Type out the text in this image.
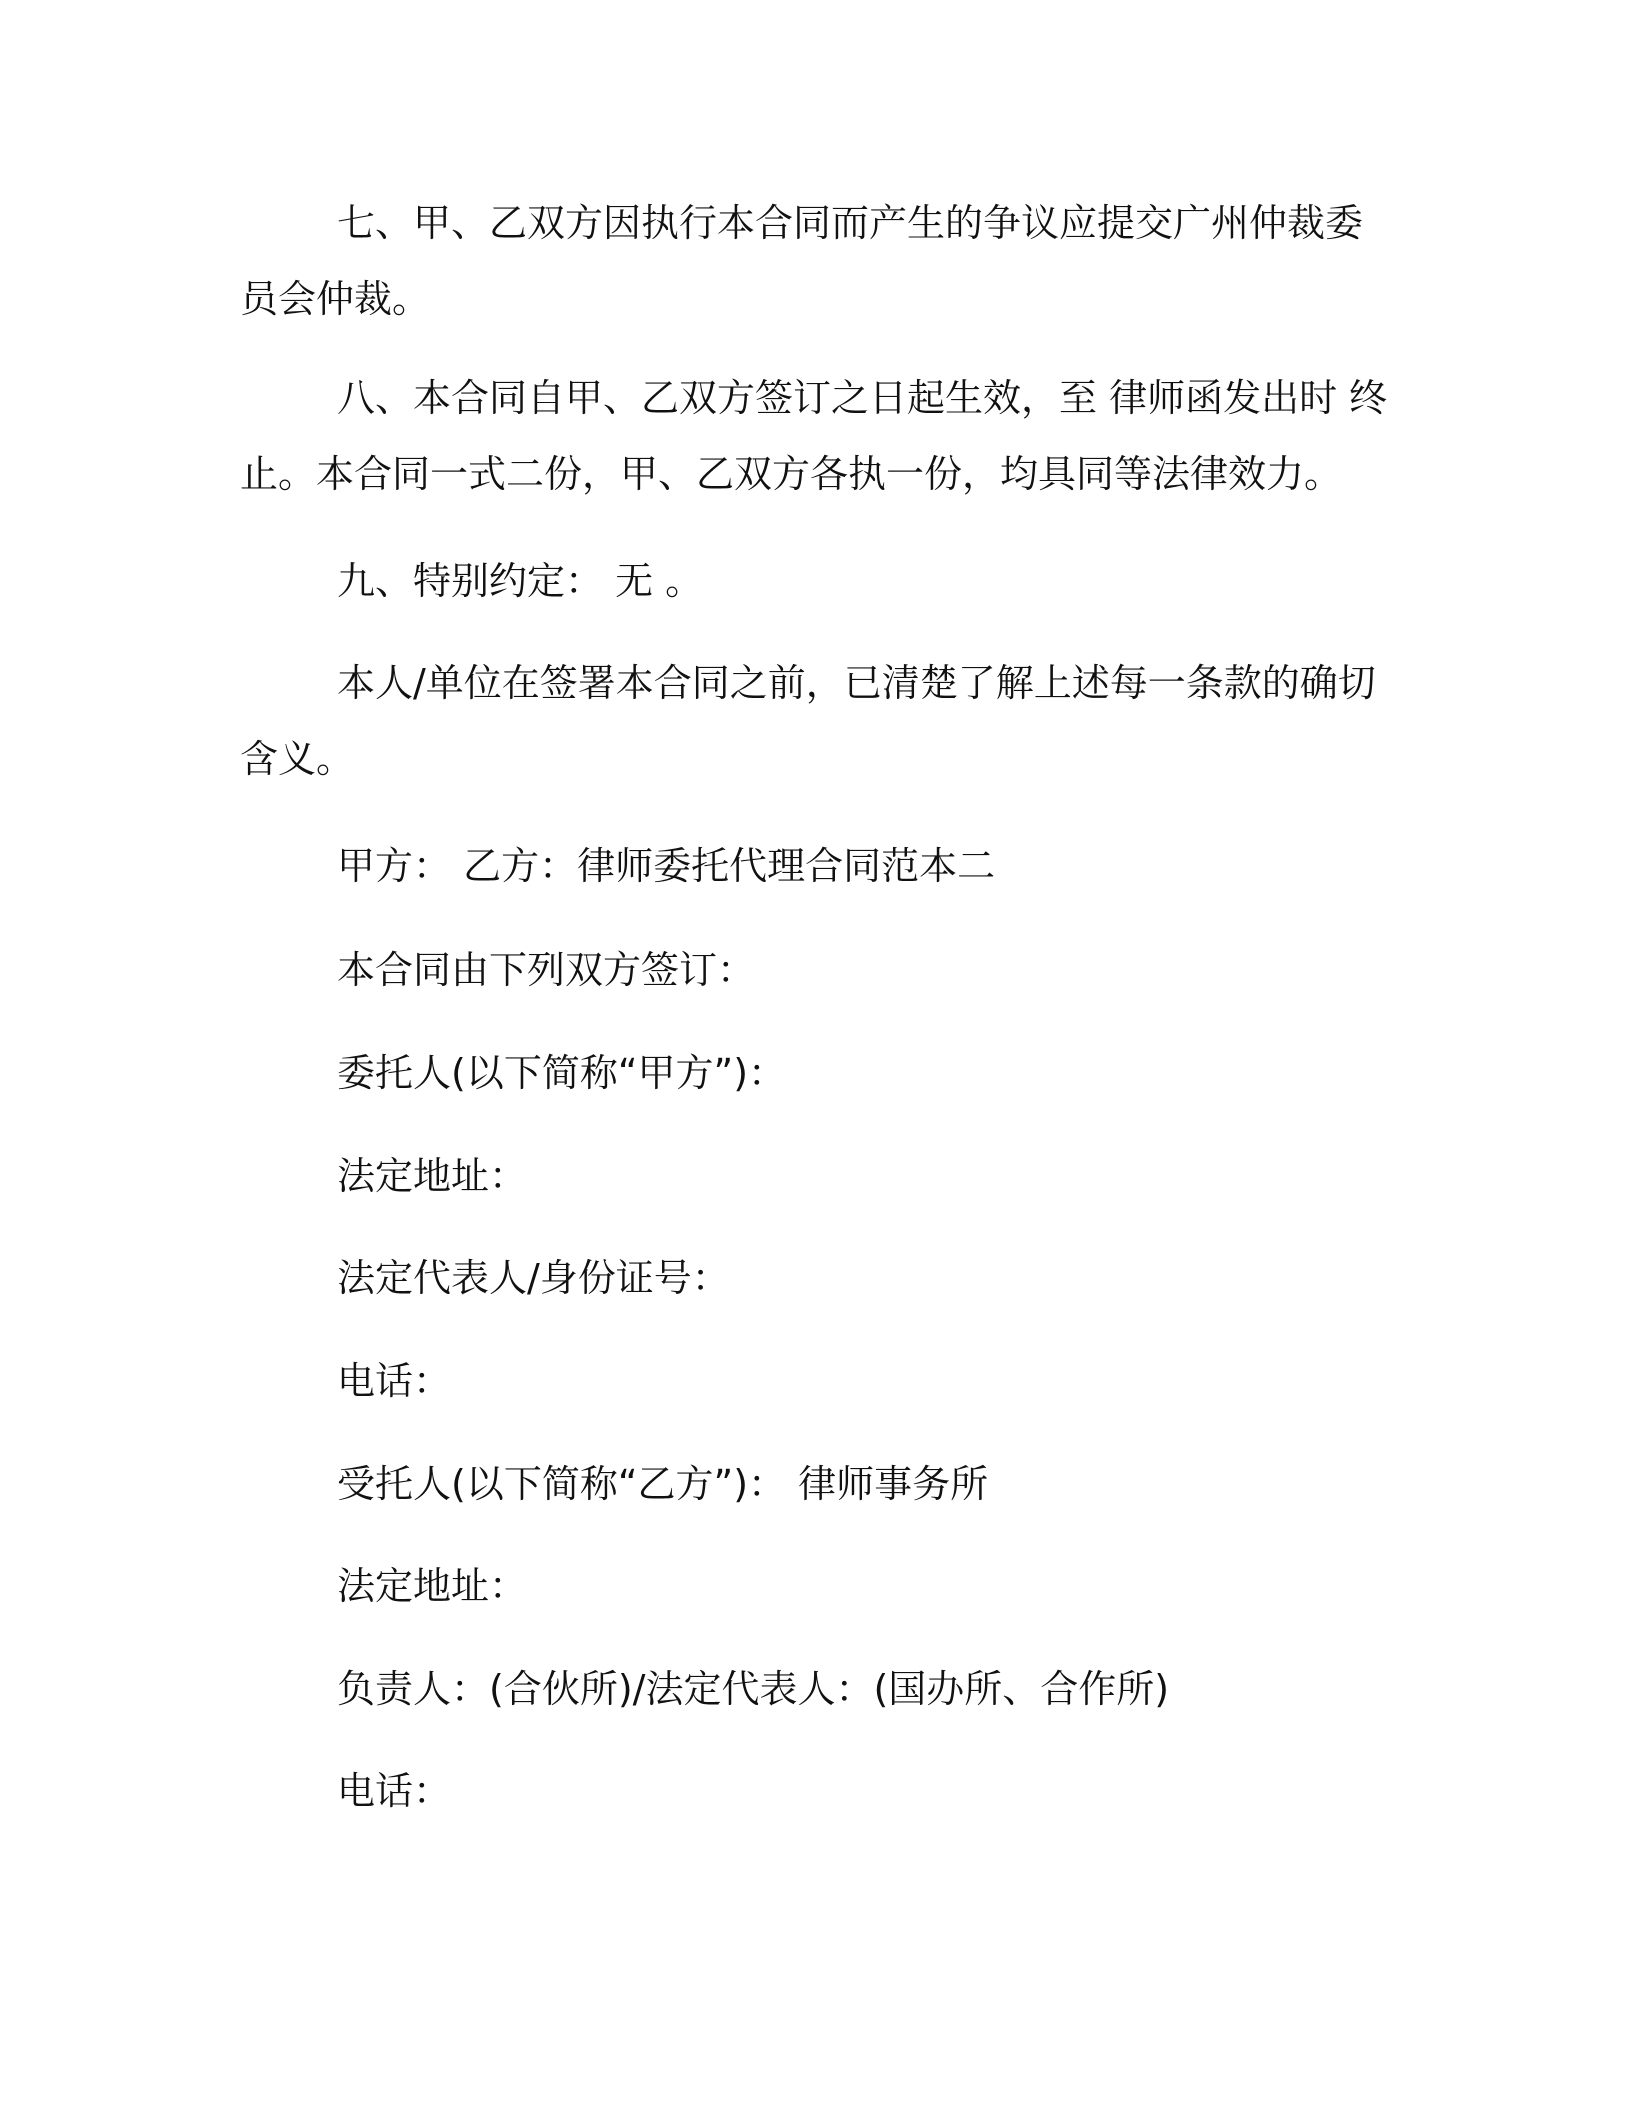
七、甲、乙双方因执行本合同而产生的争议应提交广州仲裁委员会仲裁。

八、本合同自甲、乙双方签订之日起生效，至 律师函发出时 终止。本合同一式二份，甲、乙双方各执一份，均具同等法律效力。

九、特别约定： 无 。

本人/单位在签署本合同之前，已清楚了解上述每一条款的确切含义。

甲方： 乙方：律师委托代理合同范本二

本合同由下列双方签订：

委托人(以下简称“甲方”)：

法定地址：

法定代表人/身份证号：

电话：

受托人(以下简称“乙方”)： 律师事务所

法定地址：

负责人：(合伙所)/法定代表人：(国办所、合作所)

电话：
